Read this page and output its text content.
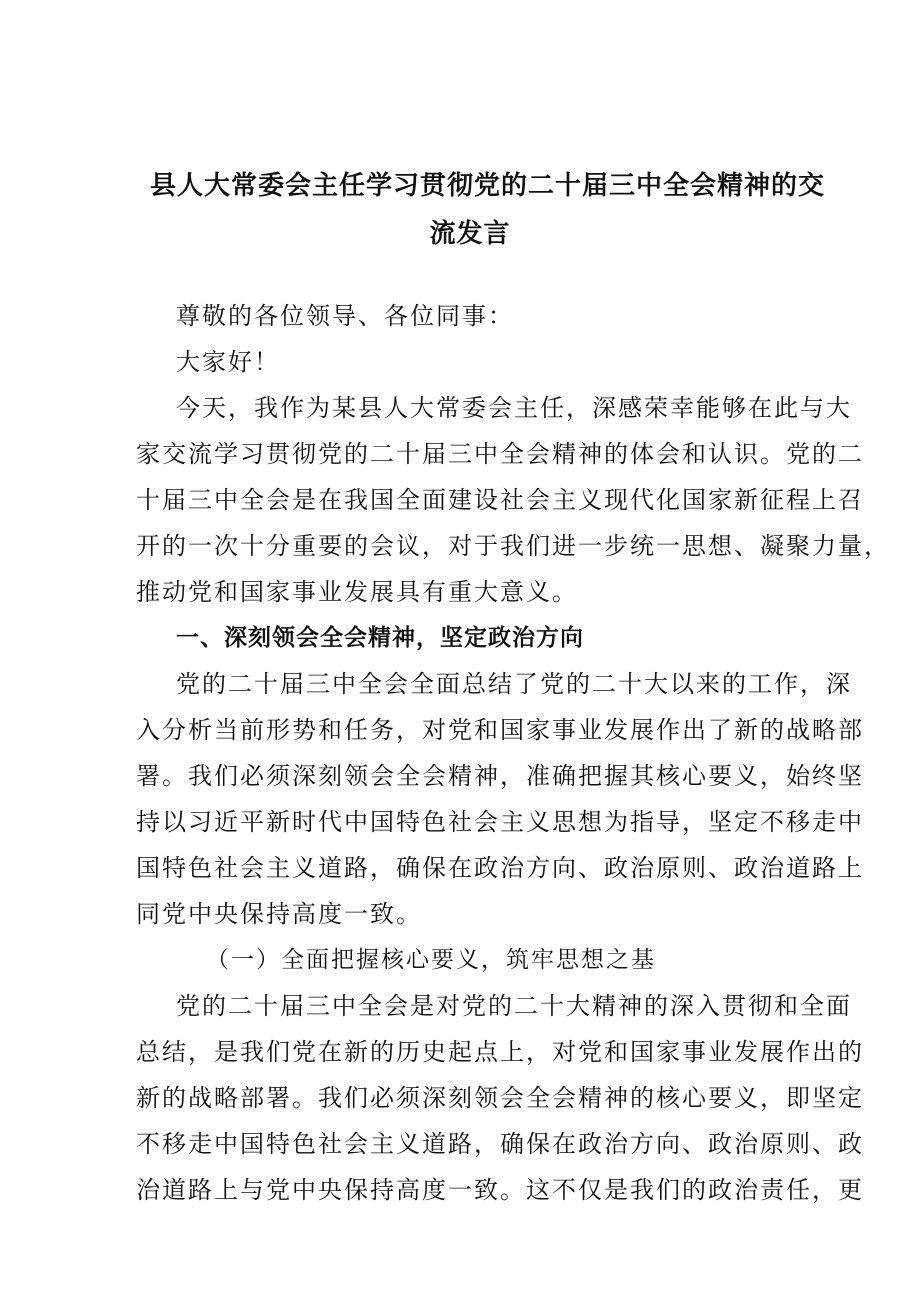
县人大常委会主任学习贯彻党的二十届三中全会精神的交
流发言
尊敬的各位领导、各位同事：
大家好！
今天，我作为某县人大常委会主任，深感荣幸能够在此与大
家交流学习贯彻党的二十届三中全会精神的体会和认识。党的二
十届三中全会是在我国全面建设社会主义现代化国家新征程上召
开的一次十分重要的会议，对于我们进一步统一思想、凝聚力量，
推动党和国家事业发展具有重大意义。
一、深刻领会全会精神，坚定政治方向
党的二十届三中全会全面总结了党的二十大以来的工作，深
入分析当前形势和任务，对党和国家事业发展作出了新的战略部
署。我们必须深刻领会全会精神，准确把握其核心要义，始终坚
持以习近平新时代中国特色社会主义思想为指导，坚定不移走中
国特色社会主义道路，确保在政治方向、政治原则、政治道路上
同党中央保持高度一致。
（一）全面把握核心要义，筑牢思想之基
党的二十届三中全会是对党的二十大精神的深入贯彻和全面
总结，是我们党在新的历史起点上，对党和国家事业发展作出的
新的战略部署。我们必须深刻领会全会精神的核心要义，即坚定
不移走中国特色社会主义道路，确保在政治方向、政治原则、政
治道路上与党中央保持高度一致。这不仅是我们的政治责任，更
